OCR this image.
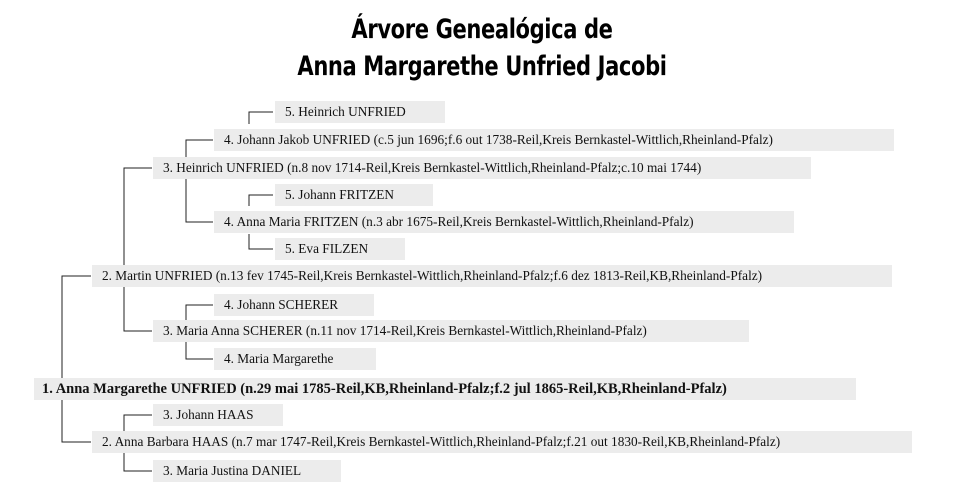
Árvore Genealógica de
Anna Margarethe Unfried Jacobi
5. Heinrich UNFRIED
4. Johann Jakob UNFRIED (c.5 jun 1696;f.6 out 1738-Reil,Kreis Bernkastel-Wittlich,Rheinland-Pfalz)
3. Heinrich UNFRIED (n.8 nov 1714-Reil,Kreis Bernkastel-Wittlich,Rheinland-Pfalz;c.10 mai 1744)
5. Johann FRITZEN
4. Anna Maria FRITZEN (n.3 abr 1675-Reil,Kreis Bernkastel-Wittlich,Rheinland-Pfalz)
5. Eva FILZEN
2. Martin UNFRIED (n.13 fev 1745-Reil,Kreis Bernkastel-Wittlich,Rheinland-Pfalz;f.6 dez 1813-Reil,KB,Rheinland-Pfalz)
4. Johann SCHERER
3. Maria Anna SCHERER (n.11 nov 1714-Reil,Kreis Bernkastel-Wittlich,Rheinland-Pfalz)
4. Maria Margarethe
1. Anna Margarethe UNFRIED (n.29 mai 1785-Reil,KB,Rheinland-Pfalz;f.2 jul 1865-Reil,KB,Rheinland-Pfalz)
3. Johann HAAS
2. Anna Barbara HAAS (n.7 mar 1747-Reil,Kreis Bernkastel-Wittlich,Rheinland-Pfalz;f.21 out 1830-Reil,KB,Rheinland-Pfalz)
3. Maria Justina DANIEL
